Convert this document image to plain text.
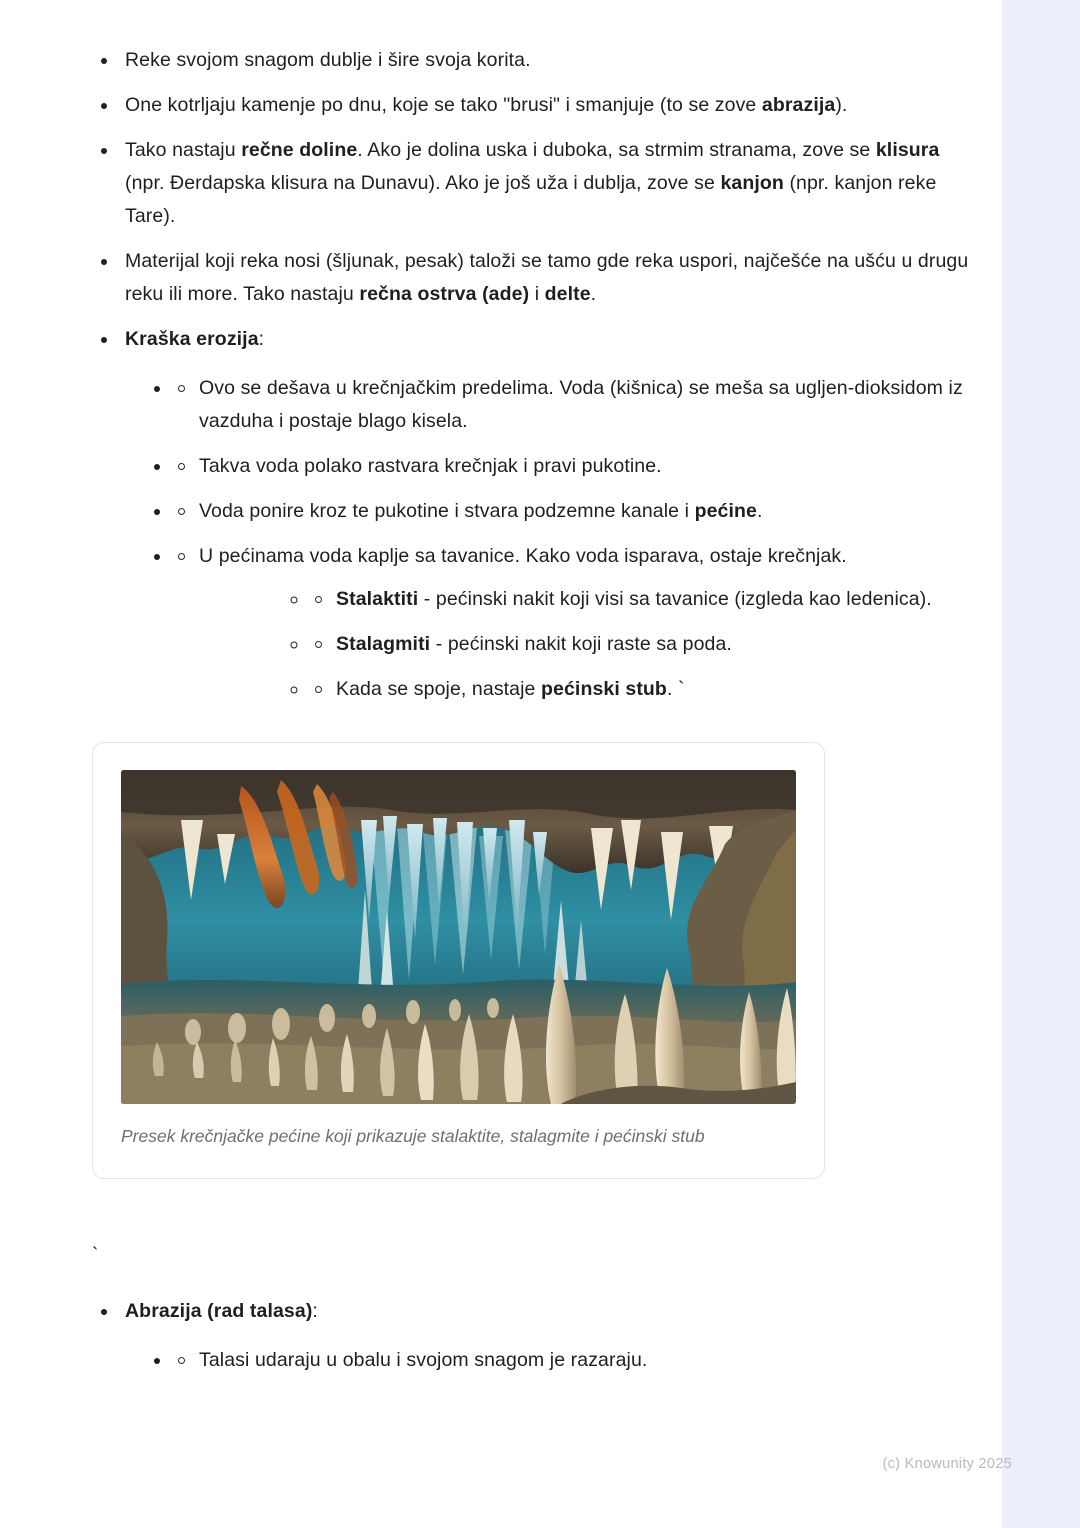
Reke svojom snagom dublje i šire svoja korita.
One kotrljaju kamenje po dnu, koje se tako "brusi" i smanjuje (to se zove abrazija).
Tako nastaju rečne doline. Ako je dolina uska i duboka, sa strmim stranama, zove se klisura (npr. Đerdapska klisura na Dunavu). Ako je još uža i dublja, zove se kanjon (npr. kanjon reke Tare).
Materijal koji reka nosi (šljunak, pesak) taloži se tamo gde reka uspori, najčešće na ušću u drugu reku ili more. Tako nastaju rečna ostrva (ade) i delte.
Kraška erozija:
• Ovo se dešava u krečnjačkim predelima. Voda (kišnica) se meša sa ugljen-dioksidom iz vazduha i postaje blago kisela.
• Takva voda polako rastvara krečnjak i pravi pukotine.
• Voda ponire kroz te pukotine i stvara podzemne kanale i pećine.
• U pećinama voda kaplje sa tavanice. Kako voda isparava, ostaje krečnjak.
◦ Stalaktiti - pećinski nakit koji visi sa tavanice (izgleda kao ledenica).
◦ Stalagmiti - pećinski nakit koji raste sa poda.
◦ Kada se spoje, nastaje pećinski stub. `
Presek krečnjačke pećine koji prikazuje stalaktite, stalagmite i pećinski stub
`
Abrazija (rad talasa):
• Talasi udaraju u obalu i svojom snagom je razaraju.
(c) Knowunity 2025
